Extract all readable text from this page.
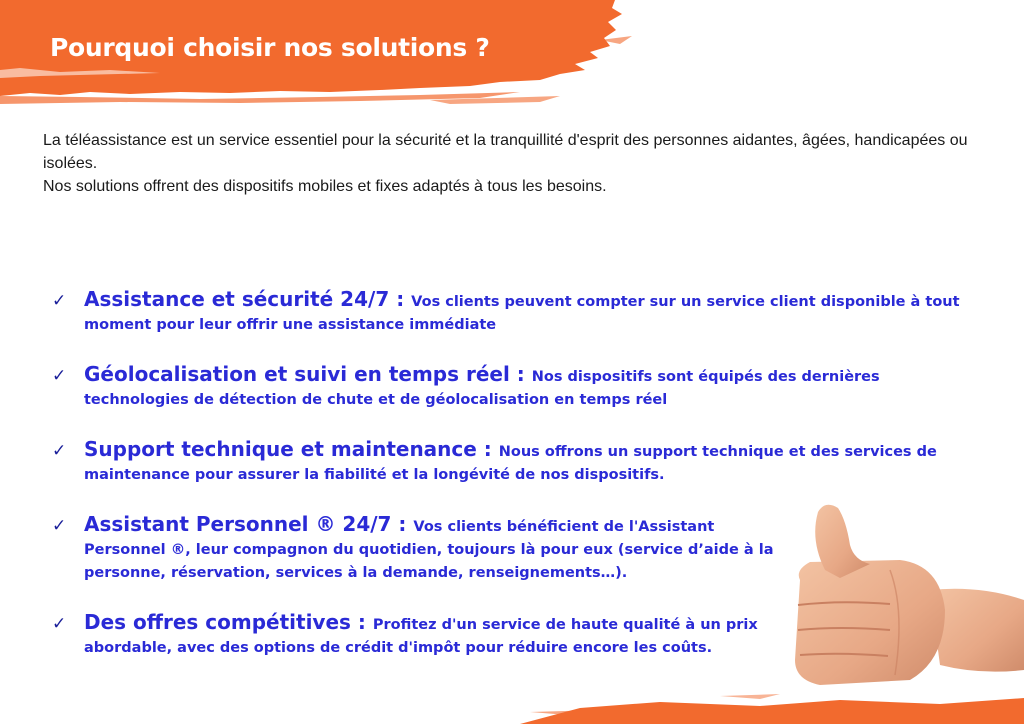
Pourquoi choisir nos solutions ?

La téléassistance est un service essentiel pour la sécurité et la tranquillité d'esprit des personnes aidantes, âgées, handicapées ou isolées.

Nos solutions offrent des dispositifs mobiles et fixes adaptés à tous les besoins.

✓ Assistance et sécurité 24/7 : Vos clients peuvent compter sur un service client disponible à tout moment pour leur offrir une assistance immédiate
✓ Géolocalisation et suivi en temps réel : Nos dispositifs sont équipés des dernières technologies de détection de chute et de géolocalisation en temps réel
✓ Support technique et maintenance : Nous offrons un support technique et des services de maintenance pour assurer la fiabilité et la longévité de nos dispositifs.
✓ Assistant Personnel ® 24/7 : Vos clients bénéficient de l'Assistant Personnel ®, leur compagnon du quotidien, toujours là pour eux (service d’aide à la personne, réservation, services à la demande, renseignements…).
✓ Des offres compétitives : Profitez d'un service de haute qualité à un prix abordable, avec des options de crédit d'impôt pour réduire encore les coûts.
